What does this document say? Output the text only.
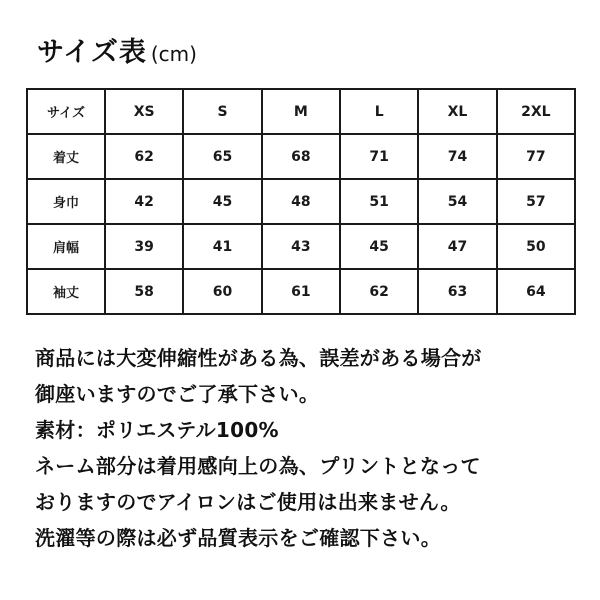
サイズ表 (cm)
サイズ	XS	S	M	L	XL	2XL
着丈	62	65	68	71	74	77
身巾	42	45	48	51	54	57
肩幅	39	41	43	45	47	50
袖丈	58	60	61	62	63	64
商品には大変伸縮性がある為、誤差がある場合が
御座いますのでご了承下さい。
素材：ポリエステル100%
ネーム部分は着用感向上の為、プリントとなって
おりますのでアイロンはご使用は出来ません。
洗濯等の際は必ず品質表示をご確認下さい。
